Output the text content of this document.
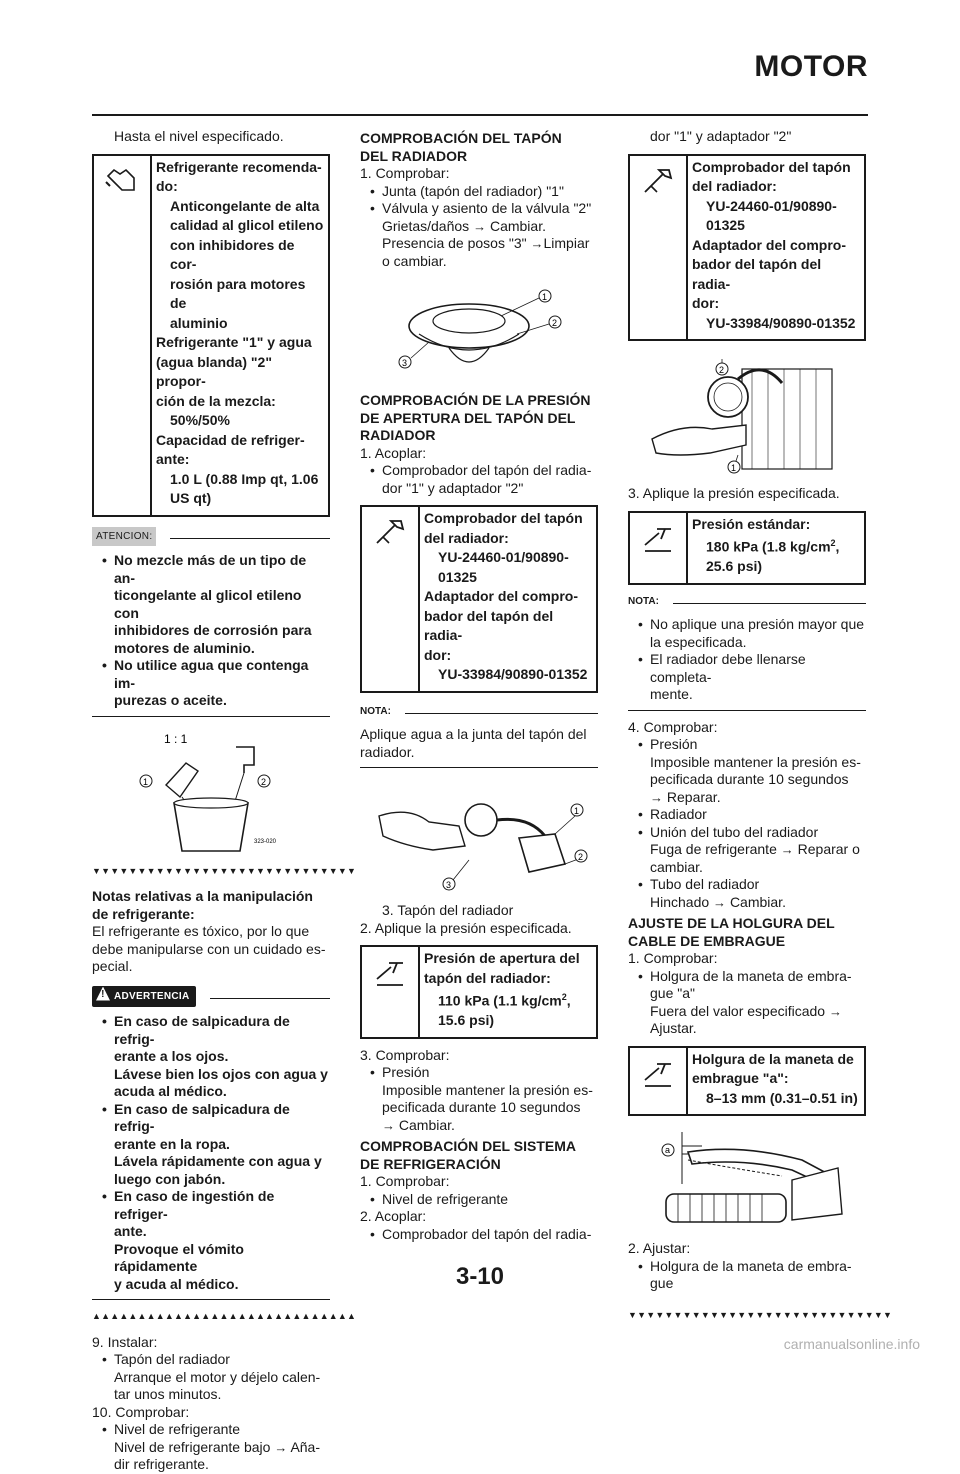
MOTOR
Hasta el nivel especificado.
Refrigerante recomenda-
do:
Anticongelante de alta
calidad al glicol etileno
con inhibidores de cor-
rosión para motores de
aluminio
Refrigerante "1" y agua
(agua blanda) "2" propor-
ción de la mezcla:
50%/50%
Capacidad de refriger-
ante:
1.0 L (0.88 Imp qt, 1.06
US qt)
ATENCION:
• No mezcle más de un tipo de an-
ticongelante al glicol etileno con
inhibidores de corrosión para
motores de aluminio.
• No utilice agua que contenga im-
purezas o aceite.
1 : 1
1	2
323-020
▼▼▼▼▼▼▼▼▼▼▼▼▼▼▼▼▼▼▼▼▼▼▼▼▼▼▼▼▼
Notas relativas a la manipulación
de refrigerante:
El refrigerante es tóxico, por lo que
debe manipularse con un cuidado es-
pecial.
! ADVERTENCIA
• En caso de salpicadura de refrig-
erante a los ojos.
Lávese bien los ojos con agua y
acuda al médico.
• En caso de salpicadura de refrig-
erante en la ropa.
Lávela rápidamente con agua y
luego con jabón.
• En caso de ingestión de refriger-
ante.
Provoque el vómito rápidamente
y acuda al médico.
▲▲▲▲▲▲▲▲▲▲▲▲▲▲▲▲▲▲▲▲▲▲▲▲▲▲▲▲▲
9. Instalar:
• Tapón del radiador
Arranque el motor y déjelo calen-
tar unos minutos.
10. Comprobar:
• Nivel de refrigerante
Nivel de refrigerante bajo → Aña-
dir refrigerante.
COMPROBACIÓN DEL TAPÓN
DEL RADIADOR
1. Comprobar:
• Junta (tapón del radiador) "1"
• Válvula y asiento de la válvula "2"
Grietas/daños → Cambiar.
Presencia de posos "3" →Limpiar
o cambiar.
1
2
3
COMPROBACIÓN DE LA PRESIÓN
DE APERTURA DEL TAPÓN DEL
RADIADOR
1. Acoplar:
• Comprobador del tapón del radia-
dor "1" y adaptador "2"
Comprobador del tapón
del radiador:
YU-24460-01/90890-
01325
Adaptador del compro-
bador del tapón del radia-
dor:
YU-33984/90890-01352
NOTA:
Aplique agua a la junta del tapón del
radiador.
1
2
3
3. Tapón del radiador
2. Aplique la presión especificada.
Presión de apertura del
tapón del radiador:
110 kPa (1.1 $kg/cm^2$,
15.6 psi)
3. Comprobar:
• Presión
Imposible mantener la presión es-
pecificada durante 10 segundos
→ Cambiar.
COMPROBACIÓN DEL SISTEMA
DE REFRIGERACIÓN
1. Comprobar:
• Nivel de refrigerante
2. Acoplar:
• Comprobador del tapón del radia-
dor "1" y adaptador "2"
Comprobador del tapón
del radiador:
YU-24460-01/90890-
01325
Adaptador del compro-
bador del tapón del radia-
dor:
YU-33984/90890-01352
2
1
3. Aplique la presión especificada.
Presión estándar:
180 kPa (1.8 $kg/cm^2$,
25.6 psi)
NOTA:
• No aplique una presión mayor que
la especificada.
• El radiador debe llenarse completa-
mente.
4. Comprobar:
• Presión
Imposible mantener la presión es-
pecificada durante 10 segundos
→ Reparar.
• Radiador
• Unión del tubo del radiador
Fuga de refrigerante → Reparar o
cambiar.
• Tubo del radiador
Hinchado → Cambiar.
AJUSTE DE LA HOLGURA DEL
CABLE DE EMBRAGUE
1. Comprobar:
• Holgura de la maneta de embra-
gue "a"
Fuera del valor especificado →
Ajustar.
Holgura de la maneta de
embrague "a":
8–13 mm (0.31–0.51 in)
a
2. Ajustar:
• Holgura de la maneta de embra-
gue
▼▼▼▼▼▼▼▼▼▼▼▼▼▼▼▼▼▼▼▼▼▼▼▼▼▼▼▼▼
3-10
carmanualsonline.info
